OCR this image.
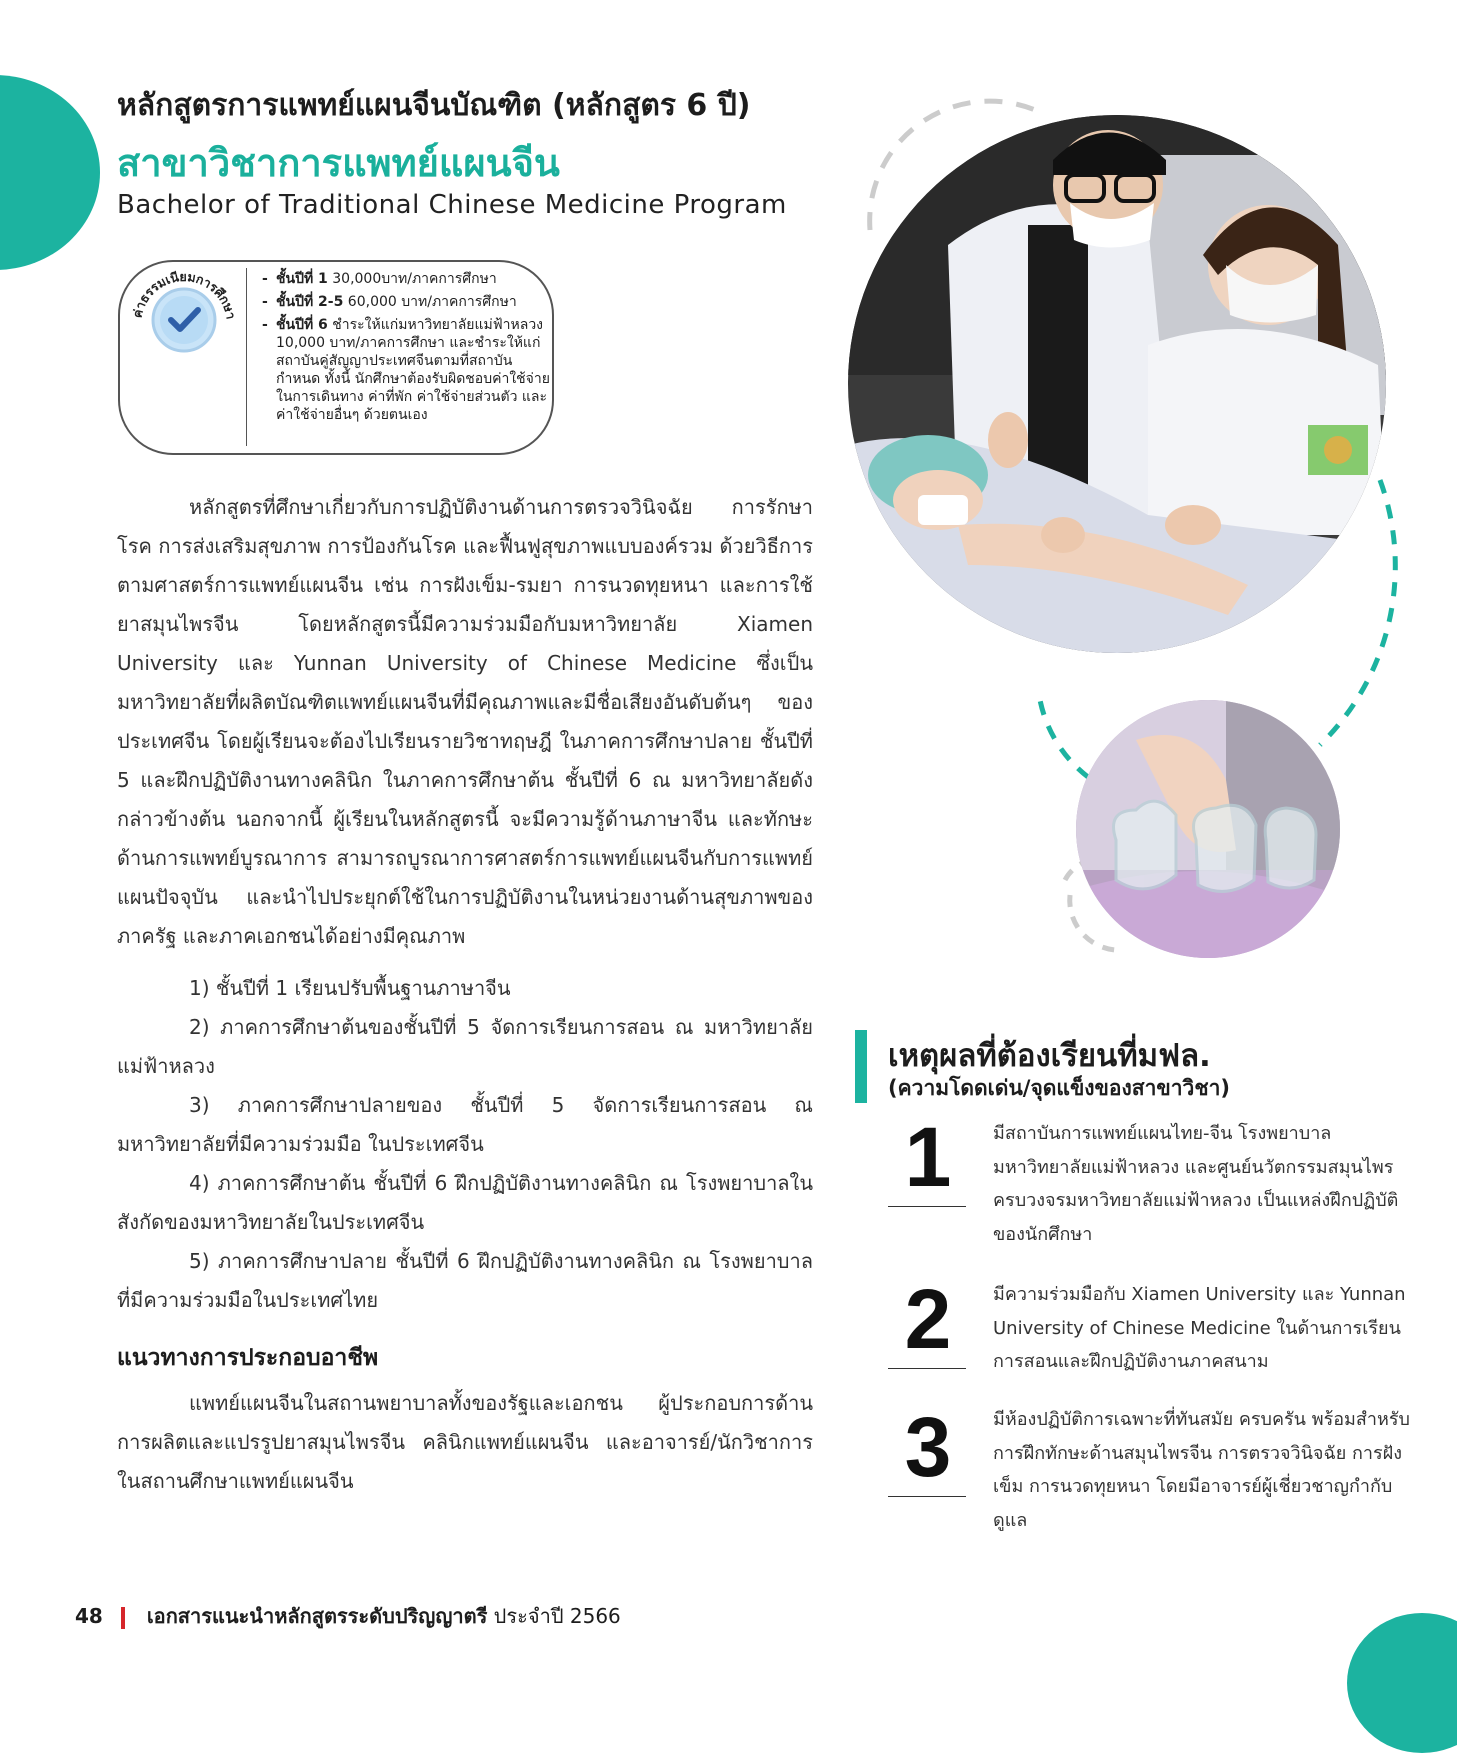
หลักสูตรการแพทย์แผนจีนบัณฑิต (หลักสูตร 6 ปี)
สาขาวิชาการแพทย์แผนจีน
Bachelor of Traditional Chinese Medicine Program
ค่าธรรมเนียมการศึกษา
- ชั้นปีที่ 1 30,000บาท/ภาคการศึกษา
- ชั้นปีที่ 2-5 60,000 บาท/ภาคการศึกษา
- ชั้นปีที่ 6 ชำระให้แก่มหาวิทยาลัยแม่ฟ้าหลวง 10,000 บาท/ภาคการศึกษา และชำระให้แก่สถาบันคู่สัญญาประเทศจีนตามที่สถาบันกำหนด ทั้งนี้ นักศึกษาต้องรับผิดชอบค่าใช้จ่ายในการเดินทาง ค่าที่พัก ค่าใช้จ่ายส่วนตัว และค่าใช้จ่ายอื่นๆ ด้วยตนเอง

หลักสูตรที่ศึกษาเกี่ยวกับการปฏิบัติงานด้านการตรวจวินิจฉัย การรักษาโรค การส่งเสริมสุขภาพ การป้องกันโรค และฟื้นฟูสุขภาพแบบองค์รวม ด้วยวิธีการตามศาสตร์การแพทย์แผนจีน เช่น การฝังเข็ม-รมยา การนวดทุยหนา และการใช้ยาสมุนไพรจีน โดยหลักสูตรนี้มีความร่วมมือกับมหาวิทยาลัย Xiamen University และ Yunnan University of Chinese Medicine ซึ่งเป็นมหาวิทยาลัยที่ผลิตบัณฑิตแพทย์แผนจีนที่มีคุณภาพและมีชื่อเสียงอันดับต้นๆ ของประเทศจีน โดยผู้เรียนจะต้องไปเรียนรายวิชาทฤษฎี ในภาคการศึกษาปลาย ชั้นปีที่ 5 และฝึกปฏิบัติงานทางคลินิก ในภาคการศึกษาต้น ชั้นปีที่ 6 ณ มหาวิทยาลัยดังกล่าวข้างต้น นอกจากนี้ ผู้เรียนในหลักสูตรนี้ จะมีความรู้ด้านภาษาจีน และทักษะด้านการแพทย์บูรณาการ สามารถบูรณาการศาสตร์การแพทย์แผนจีนกับการแพทย์แผนปัจจุบัน และนำไปประยุกต์ใช้ในการปฏิบัติงานในหน่วยงานด้านสุขภาพของภาครัฐ และภาคเอกชนได้อย่างมีคุณภาพ

1) ชั้นปีที่ 1 เรียนปรับพื้นฐานภาษาจีน

2) ภาคการศึกษาต้นของชั้นปีที่ 5 จัดการเรียนการสอน ณ มหาวิทยาลัยแม่ฟ้าหลวง

3) ภาคการศึกษาปลายของ ชั้นปีที่ 5 จัดการเรียนการสอน ณ มหาวิทยาลัยที่มีความร่วมมือ ในประเทศจีน

4) ภาคการศึกษาต้น ชั้นปีที่ 6 ฝึกปฏิบัติงานทางคลินิก ณ โรงพยาบาลในสังกัดของมหาวิทยาลัยในประเทศจีน

5) ภาคการศึกษาปลาย ชั้นปีที่ 6 ฝึกปฏิบัติงานทางคลินิก ณ โรงพยาบาลที่มีความร่วมมือในประเทศไทย

แนวทางการประกอบอาชีพ

แพทย์แผนจีนในสถานพยาบาลทั้งของรัฐและเอกชน ผู้ประกอบการด้านการผลิตและแปรรูปยาสมุนไพรจีน คลินิกแพทย์แผนจีน และอาจารย์/นักวิชาการในสถานศึกษาแพทย์แผนจีน

เหตุผลที่ต้องเรียนที่มฟล.
(ความโดดเด่น/จุดแข็งของสาขาวิชา)
1	มีสถาบันการแพทย์แผนไทย-จีน โรงพยาบาลมหาวิทยาลัยแม่ฟ้าหลวง และศูนย์นวัตกรรมสมุนไพร ครบวงจรมหาวิทยาลัยแม่ฟ้าหลวง เป็นแหล่งฝึกปฏิบัติของนักศึกษา

2	มีความร่วมมือกับ Xiamen University และ Yunnan University of Chinese Medicine ในด้านการเรียนการสอนและฝึกปฏิบัติงานภาคสนาม

3	มีห้องปฏิบัติการเฉพาะที่ทันสมัย ครบครัน พร้อมสำหรับการฝึกทักษะด้านสมุนไพรจีน การตรวจวินิจฉัย การฝังเข็ม การนวดทุยหนา โดยมีอาจารย์ผู้เชี่ยวชาญกำกับดูแล

48 เอกสารแนะนำหลักสูตรระดับปริญญาตรี ประจำปี 2566
